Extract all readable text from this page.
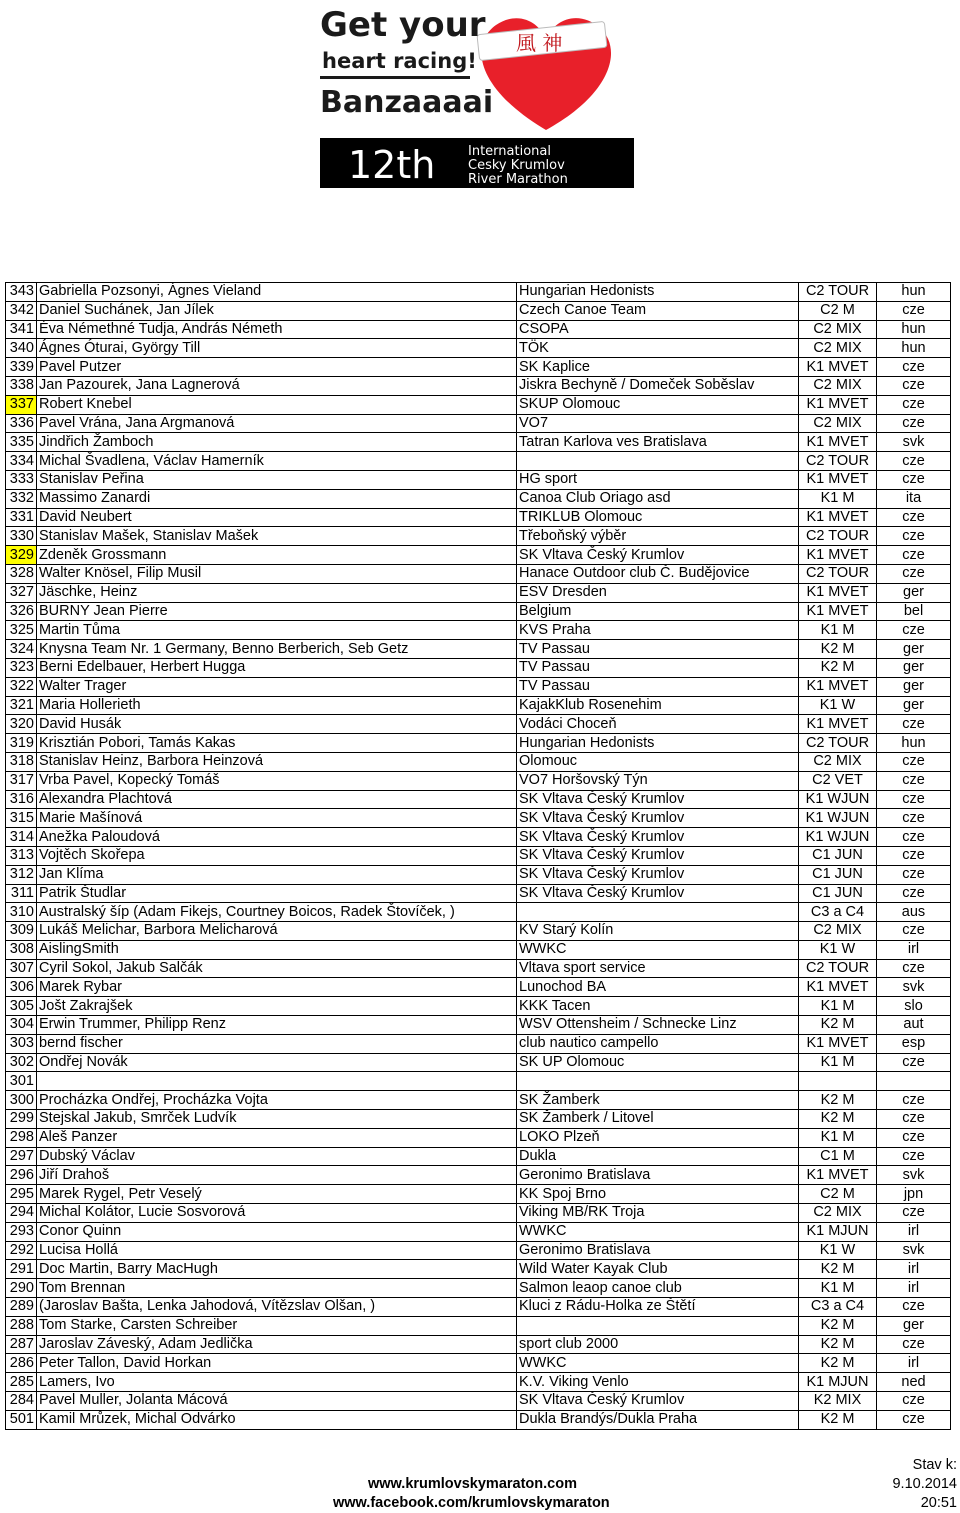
風 神
Get your
heart racing!
Banzaaaai
12th	International
Cesky Krumlov
River Marathon
343	Gabriella Pozsonyi, Ágnes Vieland	Hungarian Hedonists	C2 TOUR	hun
342	Daniel Suchánek, Jan Jílek	Czech Canoe Team	C2 M	cze
341	Éva Némethné Tudja, András Németh	CSOPA	C2 MIX	hun
340	Ágnes Óturai, György Till	TÖK	C2 MIX	hun
339	Pavel Putzer	SK Kaplice	K1 MVET	cze
338	Jan Pazourek, Jana Lagnerová	Jiskra Bechyně / Domeček Soběslav	C2 MIX	cze
337	Robert Knebel	SKUP Olomouc	K1 MVET	cze
336	Pavel Vrána, Jana Argmanová	VO7	C2 MIX	cze
335	Jindřich Žamboch	Tatran Karlova ves Bratislava	K1 MVET	svk
334	Michal Švadlena, Václav Hamerník		C2 TOUR	cze
333	Stanislav Peřina	HG sport	K1 MVET	cze
332	Massimo Zanardi	Canoa Club Oriago asd	K1 M	ita
331	David Neubert	TRIKLUB Olomouc	K1 MVET	cze
330	Stanislav Mašek, Stanislav Mašek	Třeboňský výběr	C2 TOUR	cze
329	Zdeněk Grossmann	SK Vltava Český Krumlov	K1 MVET	cze
328	Walter Knösel, Filip Musil	Hanace Outdoor club Č. Budějovice	C2 TOUR	cze
327	Jäschke, Heinz	ESV Dresden	K1 MVET	ger
326	BURNY Jean Pierre	Belgium	K1 MVET	bel
325	Martin Tůma	KVS Praha	K1 M	cze
324	Knysna Team Nr. 1 Germany, Benno Berberich, Seb Getz	TV Passau	K2 M	ger
323	Berni Edelbauer, Herbert Hugga	TV Passau	K2 M	ger
322	Walter Trager	TV Passau	K1 MVET	ger
321	Maria Hollerieth	KajakKlub Rosenehim	K1 W	ger
320	David Husák	Vodáci Choceň	K1 MVET	cze
319	Krisztián Pobori, Tamás Kakas	Hungarian Hedonists	C2 TOUR	hun
318	Stanislav Heinz, Barbora Heinzová	Olomouc	C2 MIX	cze
317	Vrba Pavel, Kopecký Tomáš	VO7 Horšovský Týn	C2 VET	cze
316	Alexandra Plachtová	SK Vltava Český Krumlov	K1 WJUN	cze
315	Marie Mašínová	SK Vltava Český Krumlov	K1 WJUN	cze
314	Anežka Paloudová	SK Vltava Český Krumlov	K1 WJUN	cze
313	Vojtěch Skořepa	SK Vltava Český Krumlov	C1 JUN	cze
312	Jan Klíma	SK Vltava Český Krumlov	C1 JUN	cze
311	Patrik Študlar	SK Vltava Český Krumlov	C1 JUN	cze
310	Australský šíp (Adam Fikejs, Courtney Boicos, Radek Štovíček, )		C3 a C4	aus
309	Lukáš Melichar, Barbora Melicharová	KV Starý Kolín	C2 MIX	cze
308	AislingSmith	WWKC	K1 W	irl
307	Cyril Sokol, Jakub Salčák	Vltava sport service	C2 TOUR	cze
306	Marek Rybar	Lunochod BA	K1 MVET	svk
305	Jošt Zakrajšek	KKK Tacen	K1 M	slo
304	Erwin Trummer, Philipp Renz	WSV Ottensheim / Schnecke Linz	K2 M	aut
303	bernd fischer	club nautico campello	K1 MVET	esp
302	Ondřej Novák	SK UP Olomouc	K1 M	cze
301				
300	Procházka Ondřej, Procházka Vojta	SK Žamberk	K2 M	cze
299	Stejskal Jakub, Smrček Ludvík	SK Žamberk / Litovel	K2 M	cze
298	Aleš Panzer	LOKO Plzeň	K1 M	cze
297	Dubský Václav	Dukla	C1 M	cze
296	Jiří Drahoš	Geronimo Bratislava	K1 MVET	svk
295	Marek Rygel, Petr Veselý	KK Spoj Brno	C2 M	jpn
294	Michal Kolátor, Lucie Sosvorová	Viking MB/RK Troja	C2 MIX	cze
293	Conor Quinn	WWKC	K1 MJUN	irl
292	Lucisa Hollá	Geronimo Bratislava	K1 W	svk
291	Doc Martin, Barry MacHugh	Wild Water Kayak Club	K2 M	irl
290	Tom Brennan	Salmon leaop canoe club	K1 M	irl
289	(Jaroslav Bašta, Lenka Jahodová, Vítězslav Olšan, )	Kluci z Rádu-Holka ze Štětí	C3 a C4	cze
288	Tom Starke, Carsten Schreiber		K2 M	ger
287	Jaroslav Záveský, Adam Jedlička	sport club 2000	K2 M	cze
286	Peter Tallon, David Horkan	WWKC	K2 M	irl
285	Lamers, Ivo	K.V. Viking Venlo	K1 MJUN	ned
284	Pavel Muller, Jolanta Mácová	SK Vltava Český Krumlov	K2 MIX	cze
501	Kamil Mrůzek, Michal Odvárko	Dukla Brandýs/Dukla Praha	K2 M	cze
Stav k:
9.10.2014
20:51
www.krumlovskymaraton.com
www.facebook.com/krumlovskymaraton
